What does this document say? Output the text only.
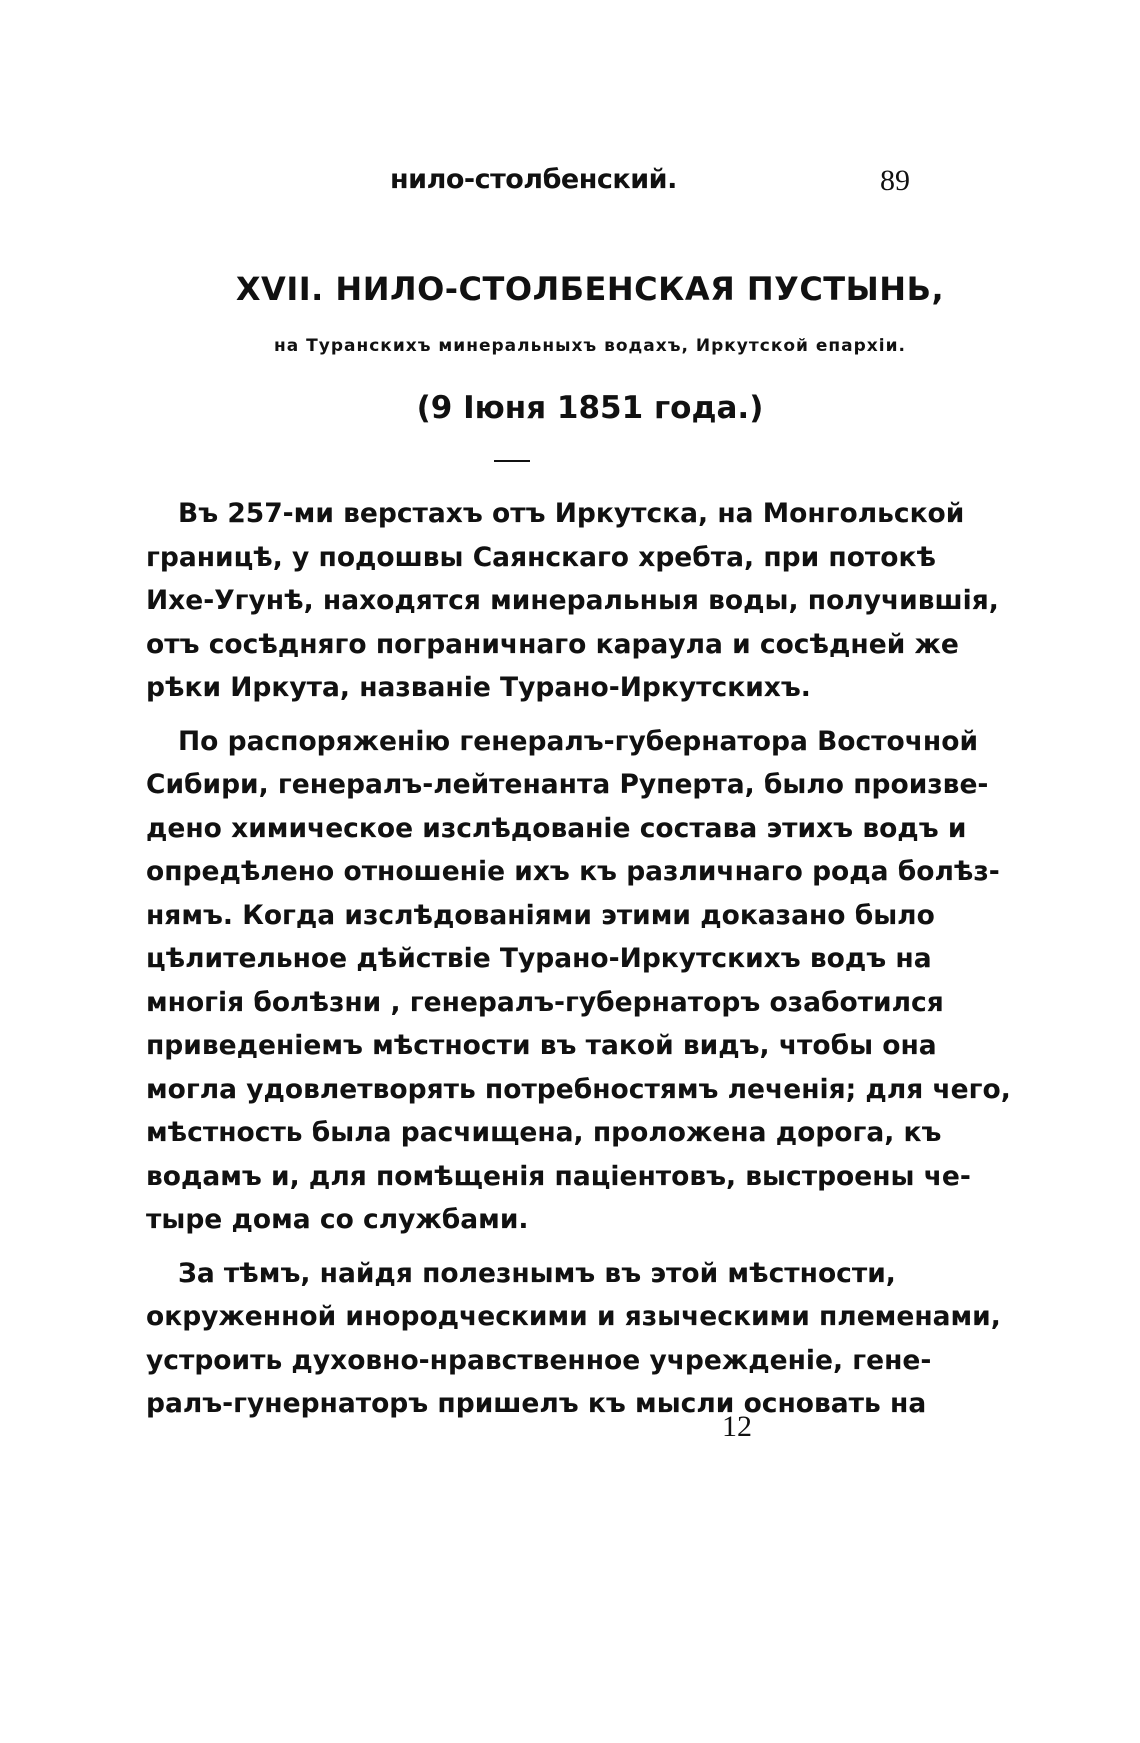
нило-столбенский.	89
XVII. НИЛО-СТОЛБЕНСКАЯ ПУСТЫНЬ,
на Туранскихъ минеральныхъ водахъ, Иркутской епархіи.
(9 Іюня 1851 года.)
Въ 257-ми верстахъ отъ Иркутска, на Монгольской
границѣ, у подошвы Саянскаго хребта, при потокѣ
Ихе-Угунѣ, находятся минеральныя воды, получившія,
отъ сосѣдняго пограничнаго караула и сосѣдней же
рѣки Иркута, названіе Турано-Иркутскихъ.
По распоряженію генералъ-губернатора Восточной
Сибири, генералъ-лейтенанта Руперта, было произве-
дено химическое изслѣдованіе состава этихъ водъ и
опредѣлено отношеніе ихъ къ различнаго рода болѣз-
нямъ. Когда изслѣдованіями этими доказано было
цѣлительное дѣйствіе Турано-Иркутскихъ водъ на
многія болѣзни , генералъ-губернаторъ озаботился
приведеніемъ мѣстности въ такой видъ, чтобы она
могла удовлетворять потребностямъ леченія; для чего,
мѣстность была расчищена, проложена дорога, къ
водамъ и, для помѣщенія паціентовъ, выстроены че-
тыре дома со службами.
За тѣмъ, найдя полезнымъ въ этой мѣстности,
окруженной инородческими и языческими племенами,
устроить духовно-нравственное учрежденіе, гене-
ралъ-гунернаторъ пришелъ къ мысли основать на
12
